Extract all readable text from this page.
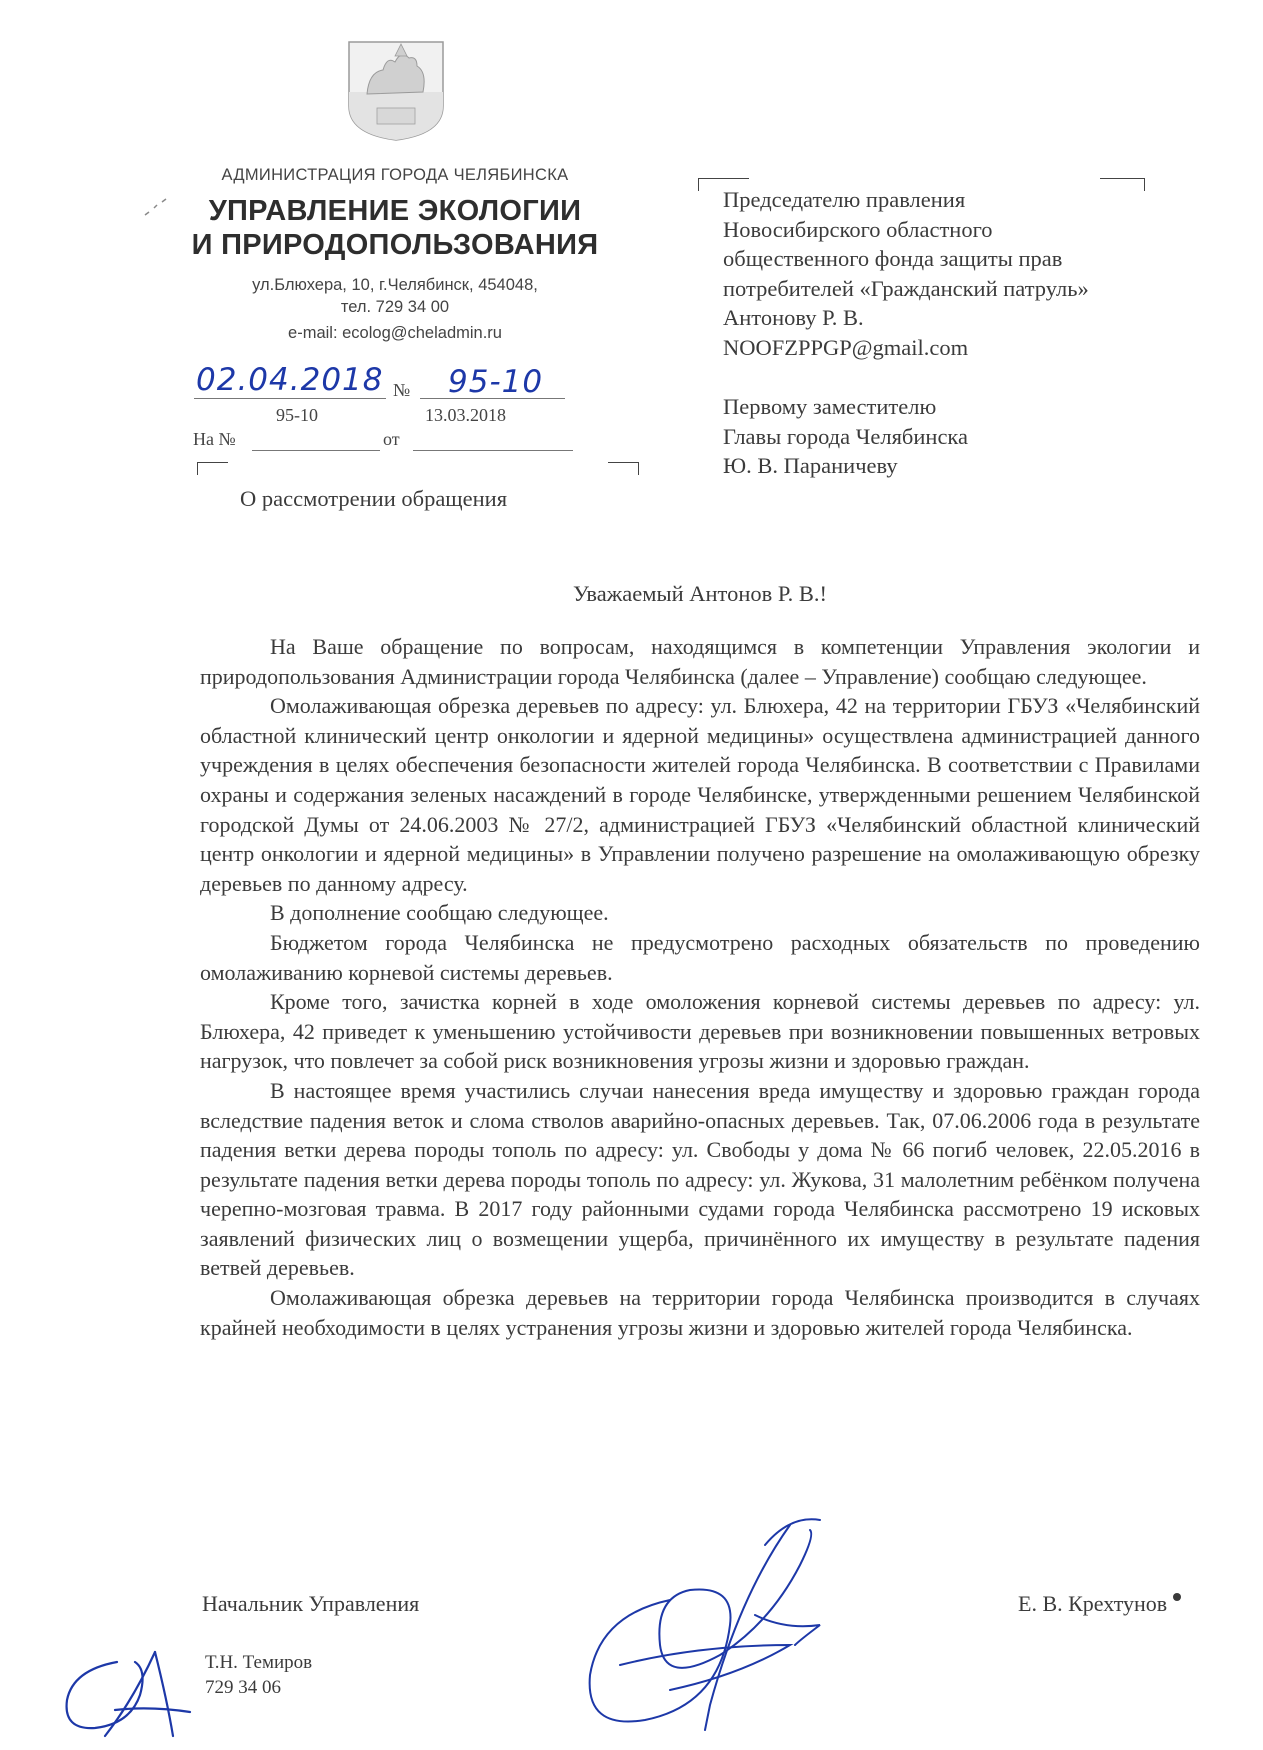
АДМИНИСТРАЦИЯ ГОРОДА ЧЕЛЯБИНСКА
УПРАВЛЕНИЕ ЭКОЛОГИИ
И ПРИРОДОПОЛЬЗОВАНИЯ
ул.Блюхера, 10, г.Челябинск, 454048,
тел. 729 34 00
e-mail: ecolog@cheladmin.ru
02.04.2018 № 95-10
95-10	13.03.2018
На №	от
О рассмотрении обращения
Председателю правления
Новосибирского областного
общественного фонда защиты прав
потребителей «Гражданский патруль»
Антонову Р. В.
NOOFZPPGP@gmail.com
Первому заместителю
Главы города Челябинска
Ю. В. Параничеву
Уважаемый Антонов Р. В.!

На Ваше обращение по вопросам, находящимся в компетенции Управления экологии и природопользования Администрации города Челябинска (далее – Управление) сообщаю следующее.

Омолаживающая обрезка деревьев по адресу: ул. Блюхера, 42 на территории ГБУЗ «Челябинский областной клинический центр онкологии и ядерной медицины» осуществлена администрацией данного учреждения в целях обеспечения безопасности жителей города Челябинска. В соответствии с Правилами охраны и содержания зеленых насаждений в городе Челябинске, утвержденными решением Челябинской городской Думы от 24.06.2003 № 27/2, администрацией ГБУЗ «Челябинский областной клинический центр онкологии и ядерной медицины» в Управлении получено разрешение на омолаживающую обрезку деревьев по данному адресу.

В дополнение сообщаю следующее.

Бюджетом города Челябинска не предусмотрено расходных обязательств по проведению омолаживанию корневой системы деревьев.

Кроме того, зачистка корней в ходе омоложения корневой системы деревьев по адресу: ул. Блюхера, 42 приведет к уменьшению устойчивости деревьев при возникновении повышенных ветровых нагрузок, что повлечет за собой риск возникновения угрозы жизни и здоровью граждан.

В настоящее время участились случаи нанесения вреда имуществу и здоровью граждан города вследствие падения веток и слома стволов аварийно-опасных деревьев. Так, 07.06.2006 года в результате падения ветки дерева породы тополь по адресу: ул. Свободы у дома № 66 погиб человек, 22.05.2016 в результате падения ветки дерева породы тополь по адресу: ул. Жукова, 31 малолетним ребёнком получена черепно-мозговая травма. В 2017 году районными судами города Челябинска рассмотрено 19 исковых заявлений физических лиц о возмещении ущерба, причинённого их имуществу в результате падения ветвей деревьев.

Омолаживающая обрезка деревьев на территории города Челябинска производится в случаях крайней необходимости в целях устранения угрозы жизни и здоровью жителей города Челябинска.

Начальник Управления	Е. В. Крехтунов
Т.Н. Темиров
729 34 06
